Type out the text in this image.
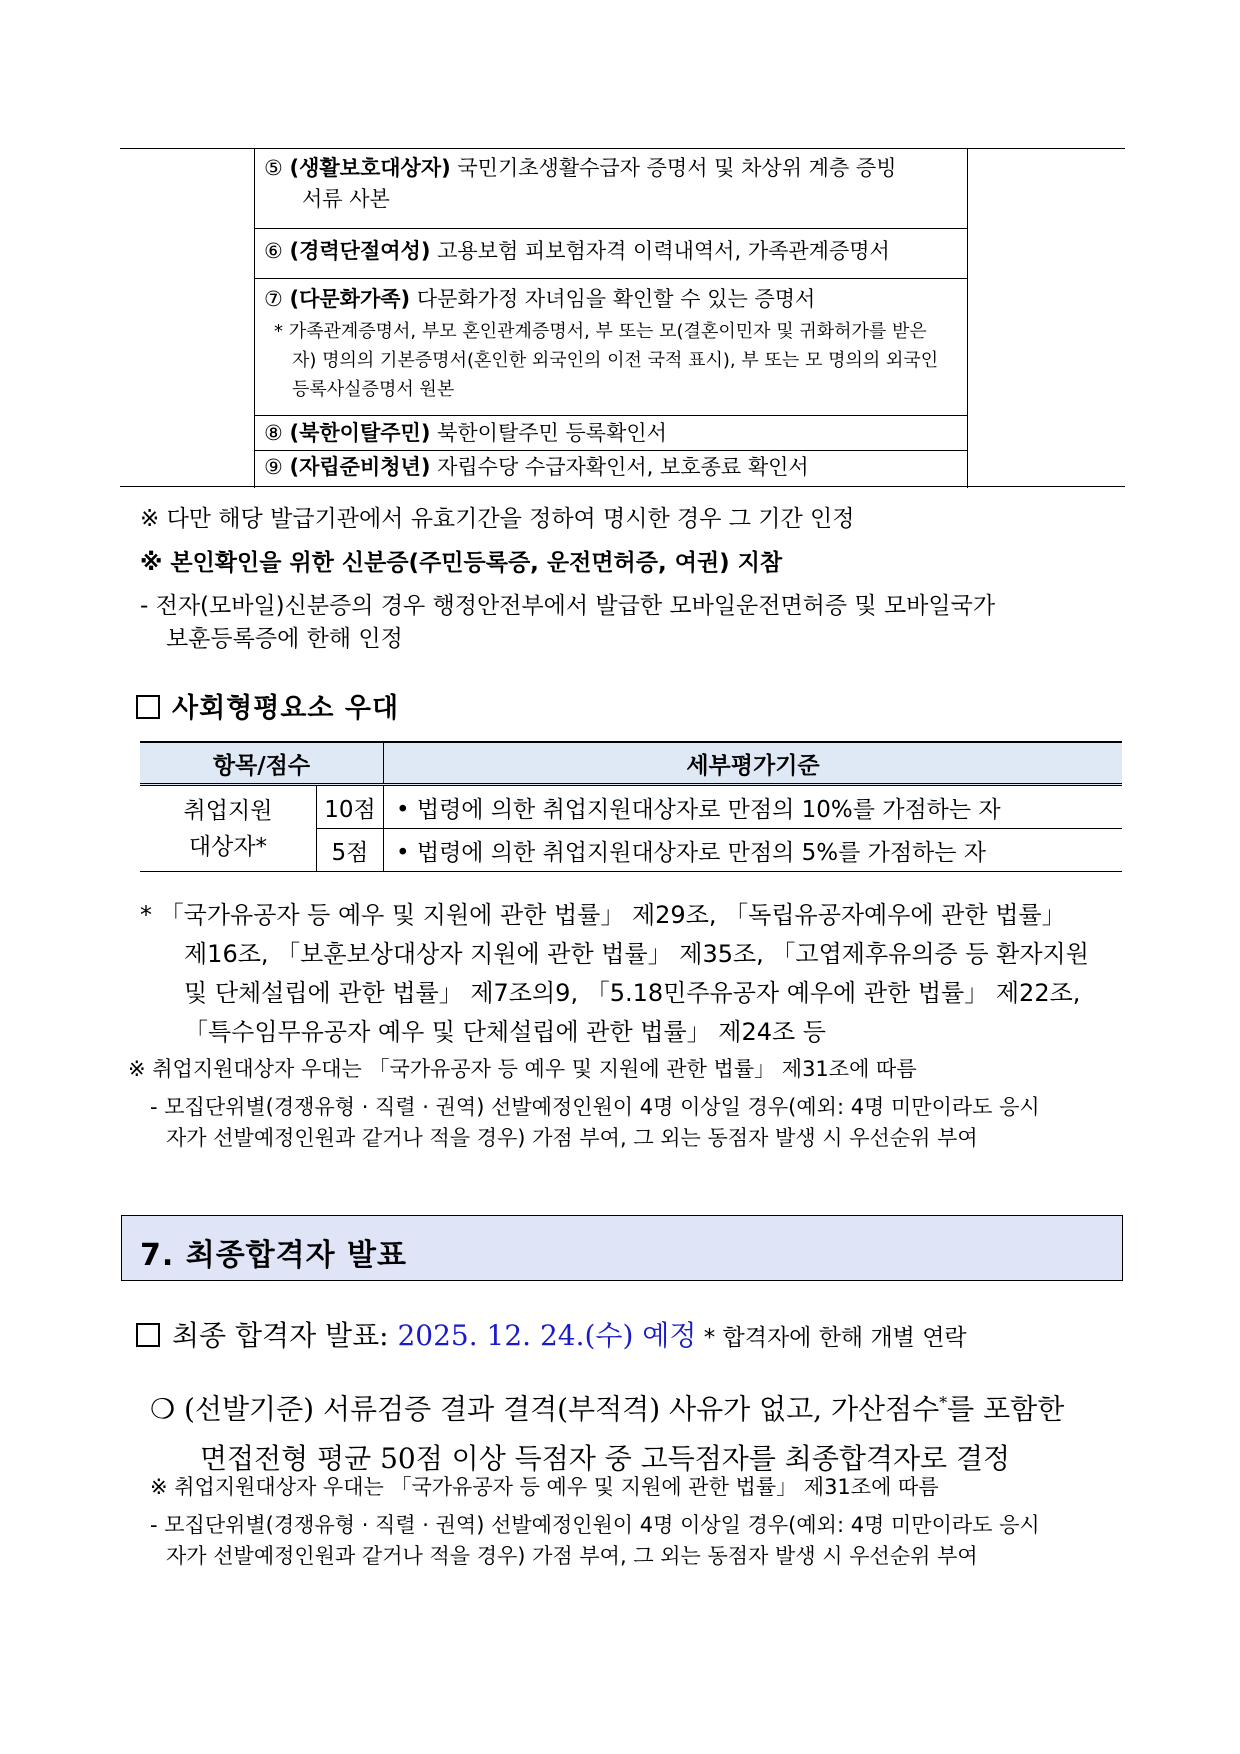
⑤ (생활보호대상자) 국민기초생활수급자 증명서 및 차상위 계층 증빙
서류 사본
⑥ (경력단절여성) 고용보험 피보험자격 이력내역서, 가족관계증명서
⑦ (다문화가족) 다문화가정 자녀임을 확인할 수 있는 증명서
* 가족관계증명서, 부모 혼인관계증명서, 부 또는 모(결혼이민자 및 귀화허가를 받은 자) 명의의 기본증명서(혼인한 외국인의 이전 국적 표시), 부 또는 모 명의의 외국인 등록사실증명서 원본
⑧ (북한이탈주민) 북한이탈주민 등록확인서
⑨ (자립준비청년) 자립수당 수급자확인서, 보호종료 확인서
※ 다만 해당 발급기관에서 유효기간을 정하여 명시한 경우 그 기간 인정
※ 본인확인을 위한 신분증(주민등록증, 운전면허증, 여권) 지참
- 전자(모바일)신분증의 경우 행정안전부에서 발급한 모바일운전면허증 및 모바일국가
보훈등록증에 한해 인정
사회형평요소 우대
항목/점수		세부평가기준

취업지원
대상자*	10점	• 법령에 의한 취업지원대상자로 만점의 10%를 가점하는 자
	5점	• 법령에 의한 취업지원대상자로 만점의 5%를 가점하는 자
* 「국가유공자 등 예우 및 지원에 관한 법률」 제29조, 「독립유공자예우에 관한 법률」
제16조, 「보훈보상대상자 지원에 관한 법률」 제35조, 「고엽제후유의증 등 환자지원
및 단체설립에 관한 법률」 제7조의9, 「5.18민주유공자 예우에 관한 법률」 제22조,
「특수임무유공자 예우 및 단체설립에 관한 법률」 제24조 등
※ 취업지원대상자 우대는 「국가유공자 등 예우 및 지원에 관한 법률」 제31조에 따름
- 모집단위별(경쟁유형 · 직렬 · 권역) 선발예정인원이 4명 이상일 경우(예외: 4명 미만이라도 응시
자가 선발예정인원과 같거나 적을 경우) 가점 부여, 그 외는 동점자 발생 시 우선순위 부여
7. 최종합격자 발표
최종 합격자 발표: 2025. 12. 24.(수) 예정 * 합격자에 한해 개별 연락
❍ (선발기준) 서류검증 결과 결격(부적격) 사유가 없고, 가산점수*를 포함한
면접전형 평균 50점 이상 득점자 중 고득점자를 최종합격자로 결정
※ 취업지원대상자 우대는 「국가유공자 등 예우 및 지원에 관한 법률」 제31조에 따름
- 모집단위별(경쟁유형 · 직렬 · 권역) 선발예정인원이 4명 이상일 경우(예외: 4명 미만이라도 응시
자가 선발예정인원과 같거나 적을 경우) 가점 부여, 그 외는 동점자 발생 시 우선순위 부여
